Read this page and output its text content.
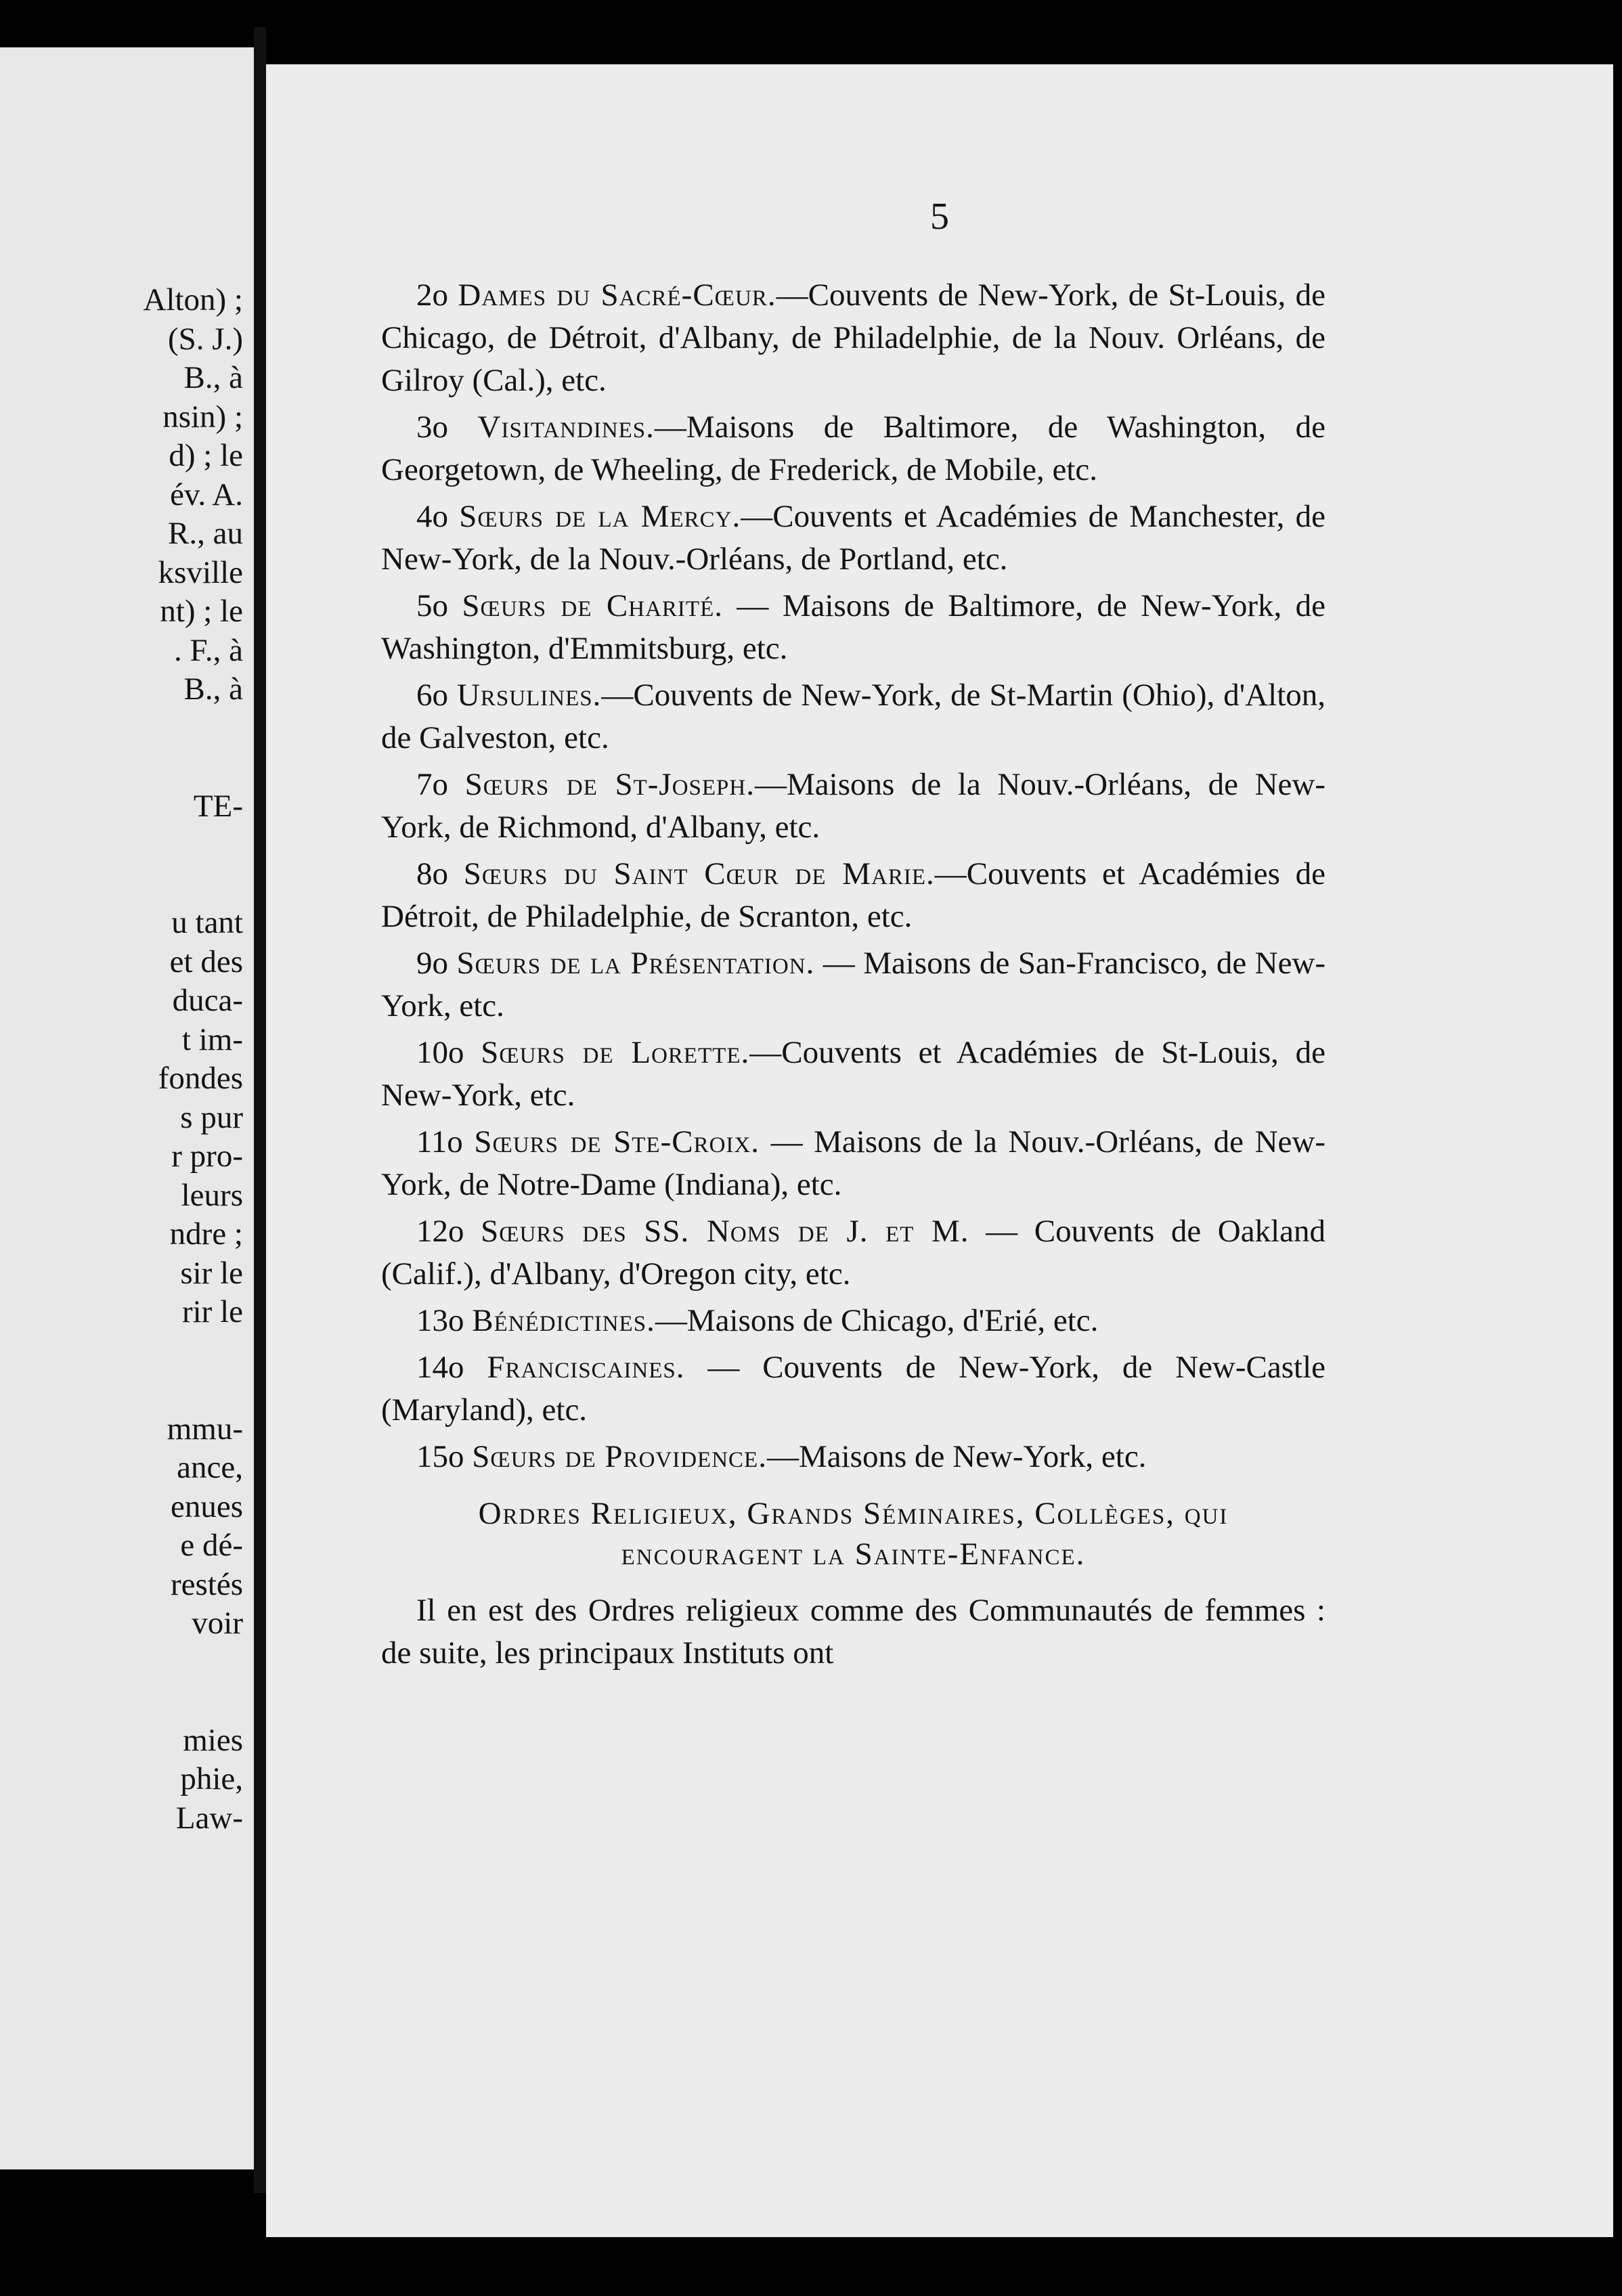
Alton) ;
(S. J.)
B., à
nsin) ;
d) ; le
év. A.
R., au
ksville
nt) ; le
. F., à
B., à

TE-

u tant
et des
duca-
t im-
fondes
s pur
r pro-
leurs
ndre ;
sir le
rir le

mmu-
ance,
enues
e dé-
restés
voir

mies
phie,
Law-
5
2o Dames du Sacré-Cœur.—Couvents de New-York, de St-Louis, de Chicago, de Détroit, d'Albany, de Philadelphie, de la Nouv. Orléans, de Gilroy (Cal.), etc.
3o Visitandines.—Maisons de Baltimore, de Washington, de Georgetown, de Wheeling, de Frederick, de Mobile, etc.
4o Sœurs de la Mercy.—Couvents et Académies de Manchester, de New-York, de la Nouv.-Orléans, de Portland, etc.
5o Sœurs de Charité. — Maisons de Baltimore, de New-York, de Washington, d'Emmitsburg, etc.
6o Ursulines.—Couvents de New-York, de St-Martin (Ohio), d'Alton, de Galveston, etc.
7o Sœurs de St-Joseph.—Maisons de la Nouv.-Orléans, de New-York, de Richmond, d'Albany, etc.
8o Sœurs du Saint Cœur de Marie.—Couvents et Académies de Détroit, de Philadelphie, de Scranton, etc.
9o Sœurs de la Présentation. — Maisons de San-Francisco, de New-York, etc.
10o Sœurs de Lorette.—Couvents et Académies de St-Louis, de New-York, etc.
11o Sœurs de Ste-Croix. — Maisons de la Nouv.-Orléans, de New-York, de Notre-Dame (Indiana), etc.
12o Sœurs des SS. Noms de J. et M. — Couvents de Oakland (Calif.), d'Albany, d'Oregon city, etc.
13o Bénédictines.—Maisons de Chicago, d'Erié, etc.
14o Franciscaines. — Couvents de New-York, de New-Castle (Maryland), etc.
15o Sœurs de Providence.—Maisons de New-York, etc.
Ordres Religieux, Grands Séminaires, Collèges, qui
encouragent la Sainte-Enfance.
Il en est des Ordres religieux comme des Communautés de femmes : de suite, les principaux Instituts ont
